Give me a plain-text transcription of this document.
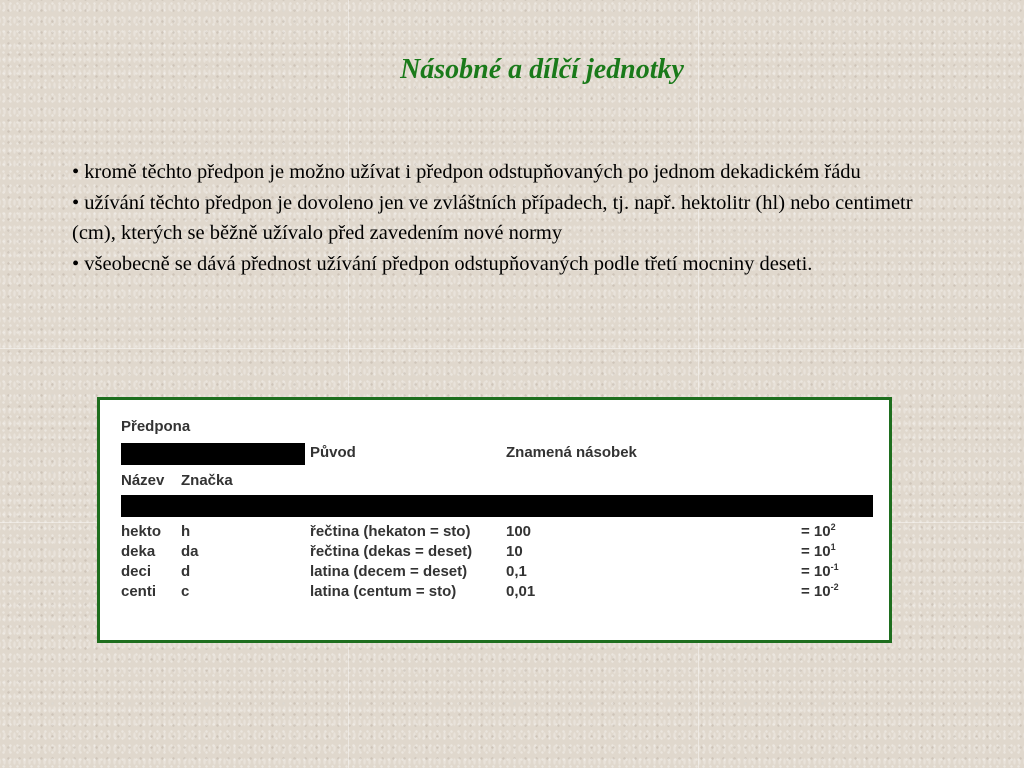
Násobné a dílčí jednotky

• kromě těchto předpon je možno užívat i předpon odstupňovaných po jednom dekadickém řádu

• užívání těchto předpon je dovoleno jen ve zvláštních případech, tj. např. hektolitr (hl) nebo centimetr (cm), kterých se běžně užívalo před zavedením nové normy

• všeobecně se dává přednost užívání předpon odstupňovaných podle třetí mocniny deseti.

Předpona
Původ	Znamená násobek
Název Značka
hekto h	řečtina (hekaton = sto) 100	= $10^2$
deka da	řečtina (dekas = deset) 10	= $10^1$
deci d	latina (decem = deset)	0,1	= $10^{-1}$
centi c	latina (centum = sto)	0,01	= $10^{-2}$
